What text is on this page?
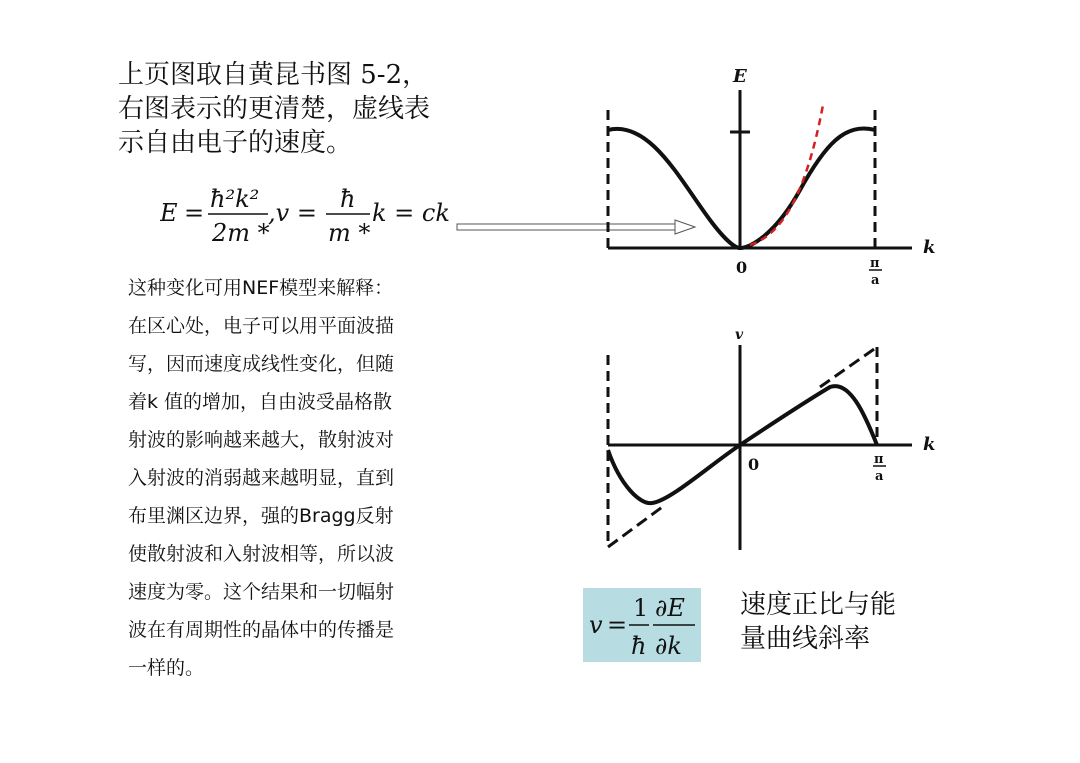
上页图取自黄昆书图 5-2，
右图表示的更清楚，虚线表
示自由电子的速度。
E = ħ²k²
2m *
,v = ħ
m *
k = ck
这种变化可用NEF模型来解释：
在区心处，电子可以用平面波描
写，因而速度成线性变化，但随
着k 值的增加，自由波受晶格散
射波的影响越来越大，散射波对
入射波的消弱越来越明显，直到
布里渊区边界，强的Bragg反射
使散射波和入射波相等，所以波
速度为零。这个结果和一切幅射
波在有周期性的晶体中的传播是
一样的。
E
k
0	π
a
v
k
0	π
a
v =
1
ħ
∂E
∂k
速度正比与能
量曲线斜率
